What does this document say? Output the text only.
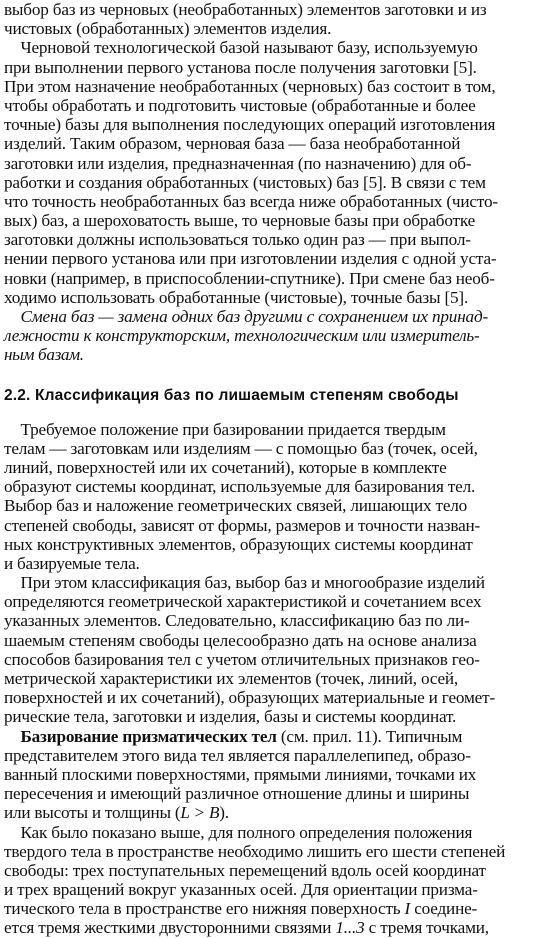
выбор баз из черновых (необработанных) элементов заготовки и из
чистовых (обработанных) элементов изделия.
Черновой технологической базой называют базу, используемую
при выполнении первого установа после получения заготовки [5].
При этом назначение необработанных (черновых) баз состоит в том,
чтобы обработать и подготовить чистовые (обработанные и более
точные) базы для выполнения последующих операций изготовления
изделий. Таким образом, черновая база — база необработанной
заготовки или изделия, предназначенная (по назначению) для об-
работки и создания обработанных (чистовых) баз [5]. В связи с тем
что точность необработанных баз всегда ниже обработанных (чисто-
вых) баз, а шероховатость выше, то черновые базы при обработке
заготовки должны использоваться только один раз — при выпол-
нении первого установа или при изготовлении изделия с одной уста-
новки (например, в приспособлении-спутнике). При смене баз необ-
ходимо использовать обработанные (чистовые), точные базы [5].
Смена баз — замена одних баз другими с сохранением их принад-
лежности к конструкторским, технологическим или измеритель-
ным базам.
2.2. Классификация баз по лишаемым степеням свободы
Требуемое положение при базировании придается твердым
телам — заготовкам или изделиям — с помощью баз (точек, осей,
линий, поверхностей или их сочетаний), которые в комплекте
образуют системы координат, используемые для базирования тел.
Выбор баз и наложение геометрических связей, лишающих тело
степеней свободы, зависят от формы, размеров и точности назван-
ных конструктивных элементов, образующих системы координат
и базируемые тела.
При этом классификация баз, выбор баз и многообразие изделий
определяются геометрической характеристикой и сочетанием всех
указанных элементов. Следовательно, классификацию баз по ли-
шаемым степеням свободы целесообразно дать на основе анализа
способов базирования тел с учетом отличительных признаков гео-
метрической характеристики их элементов (точек, линий, осей,
поверхностей и их сочетаний), образующих материальные и геомет-
рические тела, заготовки и изделия, базы и системы координат.
Базирование призматических тел (см. прил. 11). Типичным
представителем этого вида тел является параллелепипед, образо-
ванный плоскими поверхностями, прямыми линиями, точками их
пересечения и имеющий различное отношение длины и ширины
или высоты и толщины (L > B).
Как было показано выше, для полного определения положения
твердого тела в пространстве необходимо лишить его шести степеней
свободы: трех поступательных перемещений вдоль осей координат
и трех вращений вокруг указанных осей. Для ориентации призма-
тического тела в пространстве его нижняя поверхность I соедине-
ется тремя жесткими двусторонними связями 1...3 с тремя точками,
